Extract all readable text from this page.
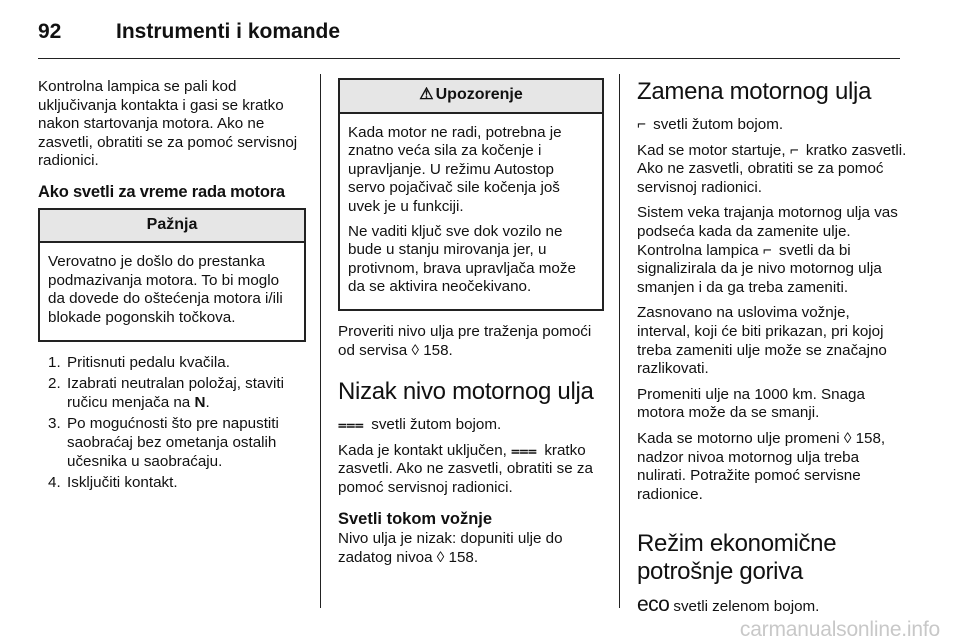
92	Instrumenti i komande

Kontrolna lampica se pali kod uključivanja kontakta i gasi se kratko nakon startovanja motora. Ako ne zasvetli, obratiti se za pomoć servisnoj radionici.

Ako svetli za vreme rada motora
Pažnja

Verovatno je došlo do prestanka podmazivanja motora. To bi moglo da dovede do oštećenja motora i/ili blokade pogonskih točkova.

1. Pritisnuti pedalu kvačila.
2. Izabrati neutralan položaj, staviti ručicu menjača na N.
3. Po mogućnosti što pre napustiti saobraćaj bez ometanja ostalih učesnika u saobraćaju.
4. Isključiti kontakt.
⚠ Upozorenje

Kada motor ne radi, potrebna je znatno veća sila za kočenje i upravljanje. U režimu Autostop servo pojačivač sile kočenja još uvek je u funkciji.

Ne vaditi ključ sve dok vozilo ne bude u stanju mirovanja jer, u protivnom, brava upravljača može da se aktivira neočekivano.

Proveriti nivo ulja pre traženja pomoći od servisa ◊ 158.

Nizak nivo motornog ulja

⩶ svetli žutom bojom.

Kada je kontakt uključen, ⩶ kratko zasvetli. Ako ne zasvetli, obratiti se za pomoć servisnoj radionici.

Svetli tokom vožnje

Nivo ulja je nizak: dopuniti ulje do zadatog nivoa ◊ 158.

Zamena motornog ulja

⌐ svetli žutom bojom.

Kad se motor startuje, ⌐ kratko zasvetli. Ako ne zasvetli, obratiti se za pomoć servisnoj radionici.

Sistem veka trajanja motornog ulja vas podseća kada da zamenite ulje. Kontrolna lampica ⌐ svetli da bi signalizirala da je nivo motornog ulja smanjen i da ga treba zameniti.

Zasnovano na uslovima vožnje, interval, koji će biti prikazan, pri kojoj treba zameniti ulje može se značajno razlikovati.

Promeniti ulje na 1000 km. Snaga motora može da se smanji.

Kada se motorno ulje promeni ◊ 158, nadzor nivoa motornog ulja treba nulirati. Potražite pomoć servisne radionice.

Režim ekonomične potrošnje goriva

eco svetli zelenom bojom.

carmanualsonline.info
